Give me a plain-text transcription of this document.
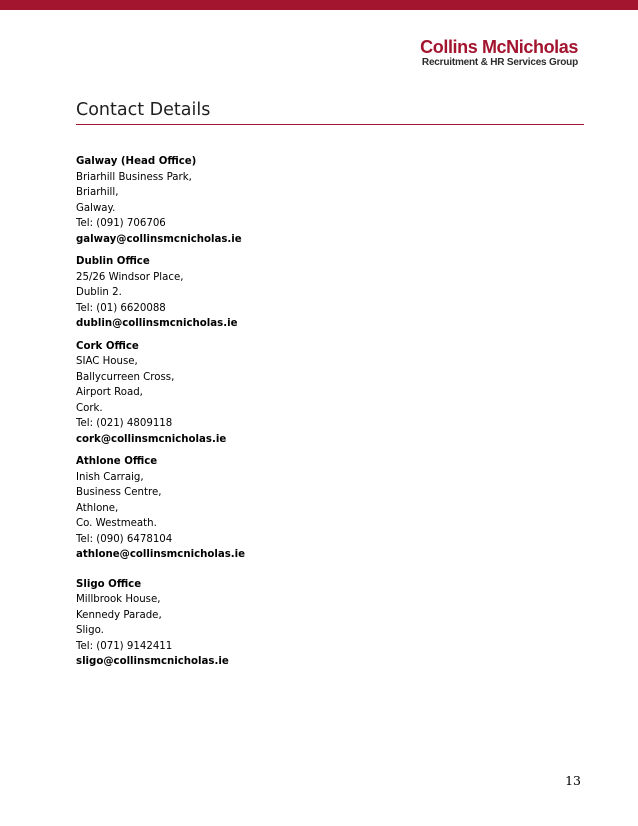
Collins McNicholas
Recruitment & HR Services Group
Contact Details
Galway (Head Office)
Briarhill Business Park,
Briarhill,
Galway.
Tel: (091) 706706
galway@collinsmcnicholas.ie
Dublin Office
25/26 Windsor Place,
Dublin 2.
Tel: (01) 6620088
dublin@collinsmcnicholas.ie
Cork Office
SIAC House,
Ballycurreen Cross,
Airport Road,
Cork.
Tel: (021) 4809118
cork@collinsmcnicholas.ie
Athlone Office
Inish Carraig,
Business Centre,
Athlone,
Co. Westmeath.
Tel: (090) 6478104
athlone@collinsmcnicholas.ie
Sligo Office
Millbrook House,
Kennedy Parade,
Sligo.
Tel: (071) 9142411
sligo@collinsmcnicholas.ie
13
